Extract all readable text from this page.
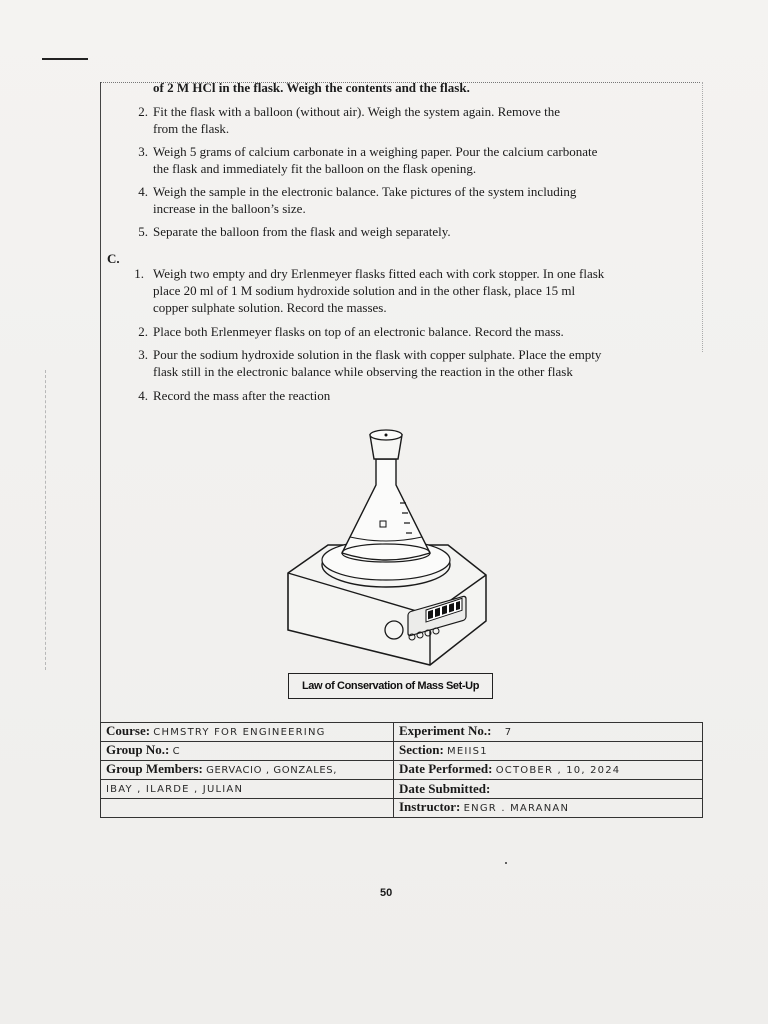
of 2 M HCl in the flask. Weigh the contents and the flask.
2. Fit the flask with a balloon (without air). Weigh the system again. Remove the
from the flask.
3. Weigh 5 grams of calcium carbonate in a weighing paper. Pour the calcium carbonate
the flask and immediately fit the balloon on the flask opening.
4. Weigh the sample in the electronic balance. Take pictures of the system including
increase in the balloon’s size.
5. Separate the balloon from the flask and weigh separately.
C.
1. Weigh two empty and dry Erlenmeyer flasks fitted each with cork stopper. In one flask
place 20 ml of 1 M sodium hydroxide solution and in the other flask, place 15 ml
copper sulphate solution. Record the masses.
2. Place both Erlenmeyer flasks on top of an electronic balance. Record the mass.
3. Pour the sodium hydroxide solution in the flask with copper sulphate. Place the empty
flask still in the electronic balance while observing the reaction in the other flask
4. Record the mass after the reaction
Law of Conservation of Mass Set-Up
Course: CHMSTRY FOR ENGINEERING	Experiment No.: 7
Group No.: C	Section: MEIIS1
Group Members: GERVACIO , GONZALES,	Date Performed: OCTOBER , 10, 2024
IBAY , ILARDE , JULIAN	Date Submitted:
	Instructor: ENGR . MARANAN
50
